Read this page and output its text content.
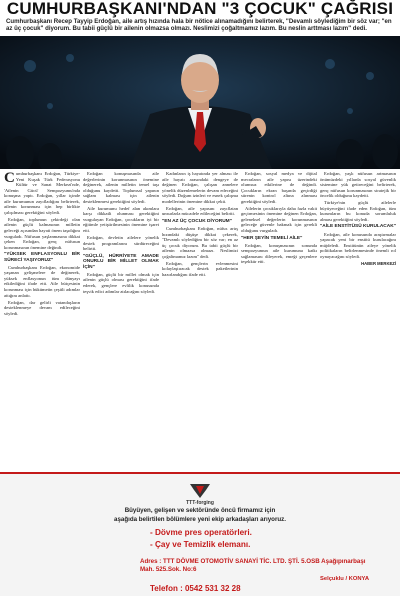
CUMHURBAŞKANI'NDAN "3 ÇOCUK" ÇAĞRISI
Cumhurbaşkanı Recep Tayyip Erdoğan, aile artış hızında hala bir nötice alınamadığını belirterek, "Devamlı söylediğim bir söz var; "en az üç çocuk" diyorum. Bu tabii güçlü bir ailenin olmazsa olmazı. Neslimizi çoğaltmamız lazım. Bu neslin arttması lazım" dedi.

Cumhurbaşkanı Erdoğan, Türkiye-Yeni Kuşak Türk Federasyonu Kültür ve Sanat Merkezi'nde, 'Ailenin Gücü' Sempozyumu'nda konuşma yaptı. Erdoğan, yıllar içinde aile kurumunun zayıfladığını belirterek, ailenin korunması için hep birlikte çalışılması gerektiğini söyledi.

Erdoğan, toplumun çekirdeği olan ailenin güçlü kalmasının milletin geleceği açısından hayati önem taşıdığını vurguladı. Nüfusun yaşlanmasına dikkat çeken Erdoğan, genç nüfusun korunmasının önemine değindi.

"YÜKSEK ENFLASYONLU BİR SÜRECİ YAŞIYORUZ"

Cumhurbaşkanı Erdoğan, ekonomide yaşanan gelişmelere de değinerek, yüksek enflasyonun tüm dünyayı etkilediğini ifade etti. Aile bütçesinin korunması için hükümetin çeşitli adımlar attığını anlattı.

Erdoğan, dar gelirli vatandaşların desteklenmeye devam edileceğini söyledi.

Erdoğan konuşmasında aile değerlerinin korunmasının önemine değinerek, ailenin milletin temel taşı olduğunu kaydetti. Toplumsal yapının sağlam kalması için ailenin desteklenmesi gerektiğini söyledi.

Aile kurumunu hedef alan akımlara karşı dikkatli olunması gerektiğini vurgulayan Erdoğan, çocukların iyi bir eğitimle yetiştirilmesinin önemine işaret etti.

Erdoğan, devletin ailelere yönelik destek programlarını sürdüreceğini belirtti.

"GÜÇLÜ, HÜRRİYETE AMADE ONURLU BİR MİLLET OLMAK İÇİN"

Erdoğan, güçlü bir millet olmak için ailenin güçlü olması gerektiğini ifade ederek, gençlere evlilik konusunda teşvik edici adımlar atılacağını söyledi.

Kadınların iş hayatında yer alması ile aile hayatı arasındaki dengeye de değinen Erdoğan, çalışan annelere yönelik düzenlemelerin devam edeceğini söyledi. Doğum izinleri ve esnek çalışma modellerinin önemine dikkat çekti.

Erdoğan, aile yapısını zayıflatan unsurlarla mücadele edileceğini belirtti.

"EN AZ ÜÇ ÇOCUK DİYORUM"

Cumhurbaşkanı Erdoğan, nüfus artış hızındaki düşüşe dikkat çekerek, "Devamlı söylediğim bir söz var; en az üç çocuk diyorum. Bu tabii güçlü bir ailenin olmazsa olmazı. Neslimizi çoğaltmamız lazım" dedi.

Erdoğan, gençlerin evlenmesini kolaylaştıracak destek paketlerinin hazırlandığını ifade etti.

Erdoğan, sosyal medya ve dijital mecraların aile yapısı üzerindeki olumsuz etkilerine de değindi. Çocukların ekran başında geçirdiği sürenin kontrol altına alınması gerektiğini söyledi.

Ailelerin çocuklarıyla daha fazla vakit geçirmesinin önemine değinen Erdoğan, geleneksel değerlerin korunmasının geleceğe güvenle bakmak için gerekli olduğunu vurguladı.

"HER ŞEYİN TEMELİ AİLE"

Erdoğan, konuşmasının sonunda sempozyumun aile kurumuna katkı sağlamasını dileyerek, emeği geçenlere teşekkür etti.

Erdoğan, yaşlı nüfusun artmasının önümüzdeki yıllarda sosyal güvenlik sistemine yük getireceğini belirterek, genç nüfusun korunmasının stratejik bir öncelik olduğunu kaydetti.

Türkiye'nin güçlü ailelerle büyüyeceğini ifade eden Erdoğan, tüm kurumların bu konuda sorumluluk alması gerektiğini söyledi.

"AİLE ENSTİTÜSÜ KURULACAK"

Erdoğan, aile konusunda araştırmalar yapacak yeni bir enstitü kurulacağını müjdeledi. Enstitünün aileye yönelik politikaların belirlenmesinde önemli rol oynayacağını söyledi.

HABER MERKEZİ
TTT-forging
Büyüyen, gelişen ve sektöründe öncü firmamız için
aşağıda belirtilen bölümlere yeni ekip arkadaşları arıyoruz.
- Dövme pres operatörleri.
- Çay ve Temizlik elemanı.
Adres : TTT DÖVME OTOMOTİV SANAYİ TİC. LTD. ŞTİ. 5.OSB Aşağıpınarbaşı Mah. 525.Sok. No:6
Selçuklu / KONYA
Telefon : 0542 531 32 28
